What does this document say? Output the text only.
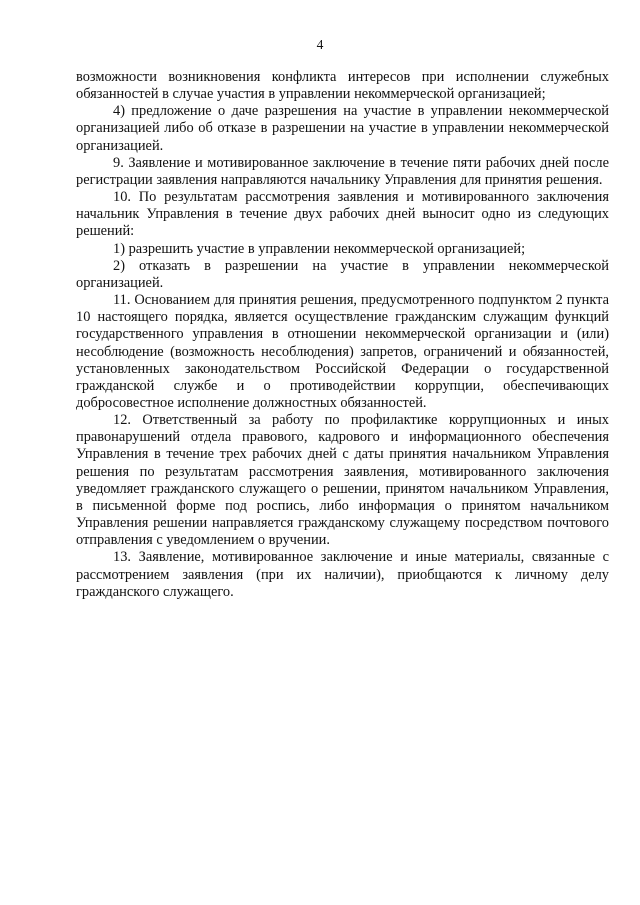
4

возможности возникновения конфликта интересов при исполнении служебных обязанностей в случае участия в управлении некоммерческой организацией;

4) предложение о даче разрешения на участие в управлении некоммерческой организацией либо об отказе в разрешении на участие в управлении некоммерческой организацией.

9. Заявление и мотивированное заключение в течение пяти рабочих дней после регистрации заявления направляются начальнику Управления для принятия решения.

10. По результатам рассмотрения заявления и мотивированного заключения начальник Управления в течение двух рабочих дней выносит одно из следующих решений:

1) разрешить участие в управлении некоммерческой организацией;

2) отказать в разрешении на участие в управлении некоммерческой организацией.

11. Основанием для принятия решения, предусмотренного подпунктом 2 пункта 10 настоящего порядка, является осуществление гражданским служащим функций государственного управления в отношении некоммерческой организации и (или) несоблюдение (возможность несоблюдения) запретов, ограничений и обязанностей, установленных законодательством Российской Федерации о государственной гражданской службе и о противодействии коррупции, обеспечивающих добросовестное исполнение должностных обязанностей.

12. Ответственный за работу по профилактике коррупционных и иных правонарушений отдела правового, кадрового и информационного обеспечения Управления в течение трех рабочих дней с даты принятия начальником Управления решения по результатам рассмотрения заявления, мотивированного заключения уведомляет гражданского служащего о решении, принятом начальником Управления, в письменной форме под роспись, либо информация о принятом начальником Управления решении направляется гражданскому служащему посредством почтового отправления с уведомлением о вручении.

13. Заявление, мотивированное заключение и иные материалы, связанные с рассмотрением заявления (при их наличии), приобщаются к личному делу гражданского служащего.
